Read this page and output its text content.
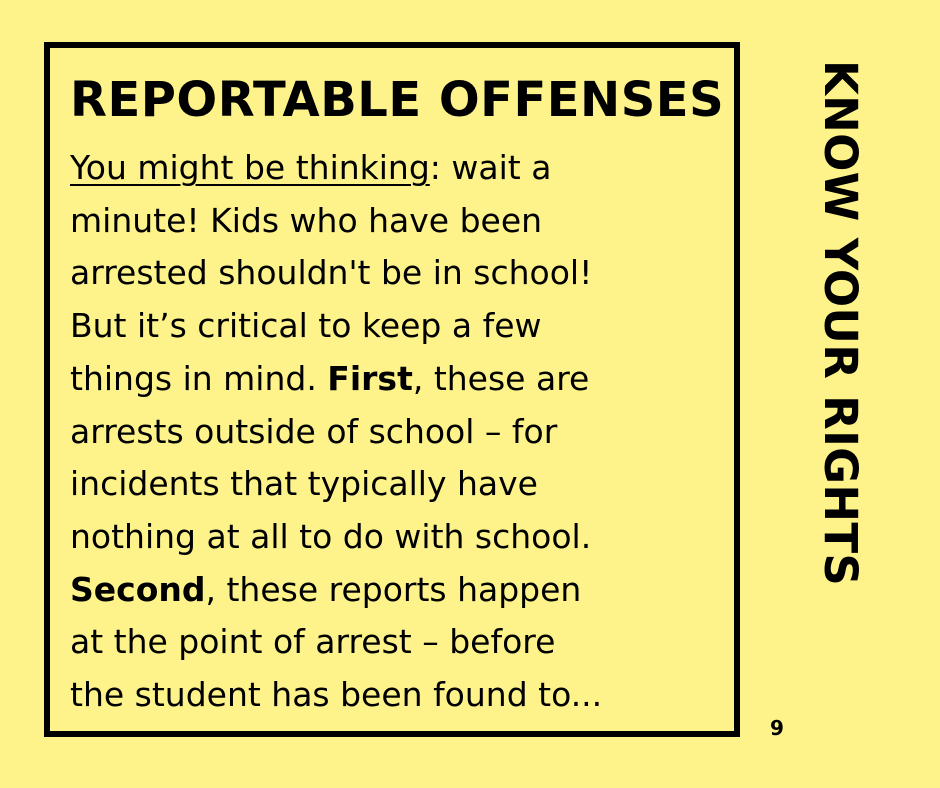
REPORTABLE OFFENSES

You might be thinking: wait a
minute! Kids who have been
arrested shouldn't be in school!
But it’s critical to keep a few
things in mind. First, these are
arrests outside of school – for
incidents that typically have
nothing at all to do with school.
Second, these reports happen
at the point of arrest – before
the student has been found to...

KNOW YOUR RIGHTS
9
